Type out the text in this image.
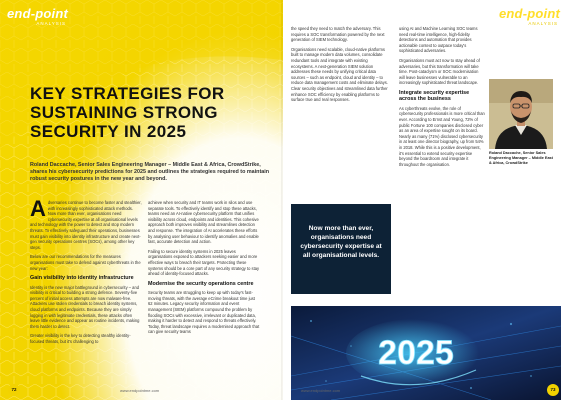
end-point
ANALYSIS
KEY STRATEGIES FOR
SUSTAINING STRONG
SECURITY IN 2025
Roland Daccache, Senior Sales Engineering Manager – Middle East & Africa, CrowdStrike, shares his cybersecurity predictions for 2025 and outlines the strategies required to maintain robust security postures in the new year and beyond.

Adversaries continue to become faster and stealthier, with increasingly sophisticated attack methods. Now more than ever, organisations need cybersecurity expertise at all organisational levels and technology with the power to detect and stop modern threats. To effectively safeguard their operations, businesses must gain visibility into identity infrastructure and create next-gen security operations centres (SOCs), among other key steps.

Below are our recommendations for the measures organisations must take to defend against cyberthreats in the new year:

Gain visibility into identity infrastructure

Identity is the new major battleground in cybersecurity – and visibility is critical to building a strong defence. Seventy-five percent of initial access attempts are now malware-free. Attackers use stolen credentials to breach identity systems, cloud platforms and endpoints. Because they are simply logging in with legitimate credentials, these attacks often leave little evidence and appear as routine incidents, making them harder to detect.

Greater visibility is the key to detecting stealthy identity-focused threats, but it's challenging to

achieve when security and IT teams work in silos and use separate tools. To effectively identify and stop these attacks, teams need an AI-native cybersecurity platform that unifies visibility across cloud, endpoints and identities. This cohesive approach both improves visibility and streamlines detection and response. The integration of AI accelerates these efforts by analysing user behaviour to identify anomalies and enable fast, accurate detection and action.

Failing to secure identity systems in 2025 leaves organisations exposed to attackers seeking easier and more effective ways to breach their targets. Protecting these systems should be a core part of any security strategy to stay ahead of identity-focused attacks.

Modernise the security operations centre

Security teams are struggling to keep up with today's fast-moving threats, with the average eCrime breakout time just 62 minutes. Legacy security information and event management (SIEM) platforms compound the problem by flooding SOCs with excessive, irrelevant or duplicated data, making it harder to detect and respond to threats effectively. Today, threat landscape requires a modernised approach that can give security teams

72	www.endpointme.com
end-point
ANALYSIS

the speed they need to match the adversary. This requires a SOC transformation powered by the next generation of SIEM technology.

Organisations need scalable, cloud-native platforms built to manage modern data volumes, consolidate redundant tools and integrate with existing ecosystems. A next-generation SIEM solution addresses these needs by unifying critical data sources – such as endpoint, cloud and identity – to reduce data management costs and eliminate delays. Clear security objectives and streamlined data further enhance SOC efficiency by enabling platforms to surface true and real responses.

Now more than ever, organisations need cybersecurity expertise at all organisational levels.

using AI and Machine Learning SOC teams need real-time intelligence, high-fidelity detections and automation that provides actionable context to outpace today's sophisticated adversaries.

Organisations must act now to stay ahead of adversaries, but this transformation will take time. Post-cataclysm or SOC modernisation will leave businesses vulnerable to an increasingly sophisticated threat landscape.

Integrate security expertise across the business

As cyberthreats evolve, the role of cybersecurity professionals is more critical than ever. According to Ernst and Young, 72% of public Fortune 100 companies disclosed cyber as an area of expertise sought on its board. Nearly as many (71%) disclosed cybersecurity in at least one director biography, up from 54% in 2018. While this is a positive development, it's essential to extend security expertise beyond the boardroom and integrate it throughout the organisation.

Roland Daccache, Senior Sales Engineering Manager – Middle East & Africa, CrowdStrike
2025
www.endpointme.com	73
